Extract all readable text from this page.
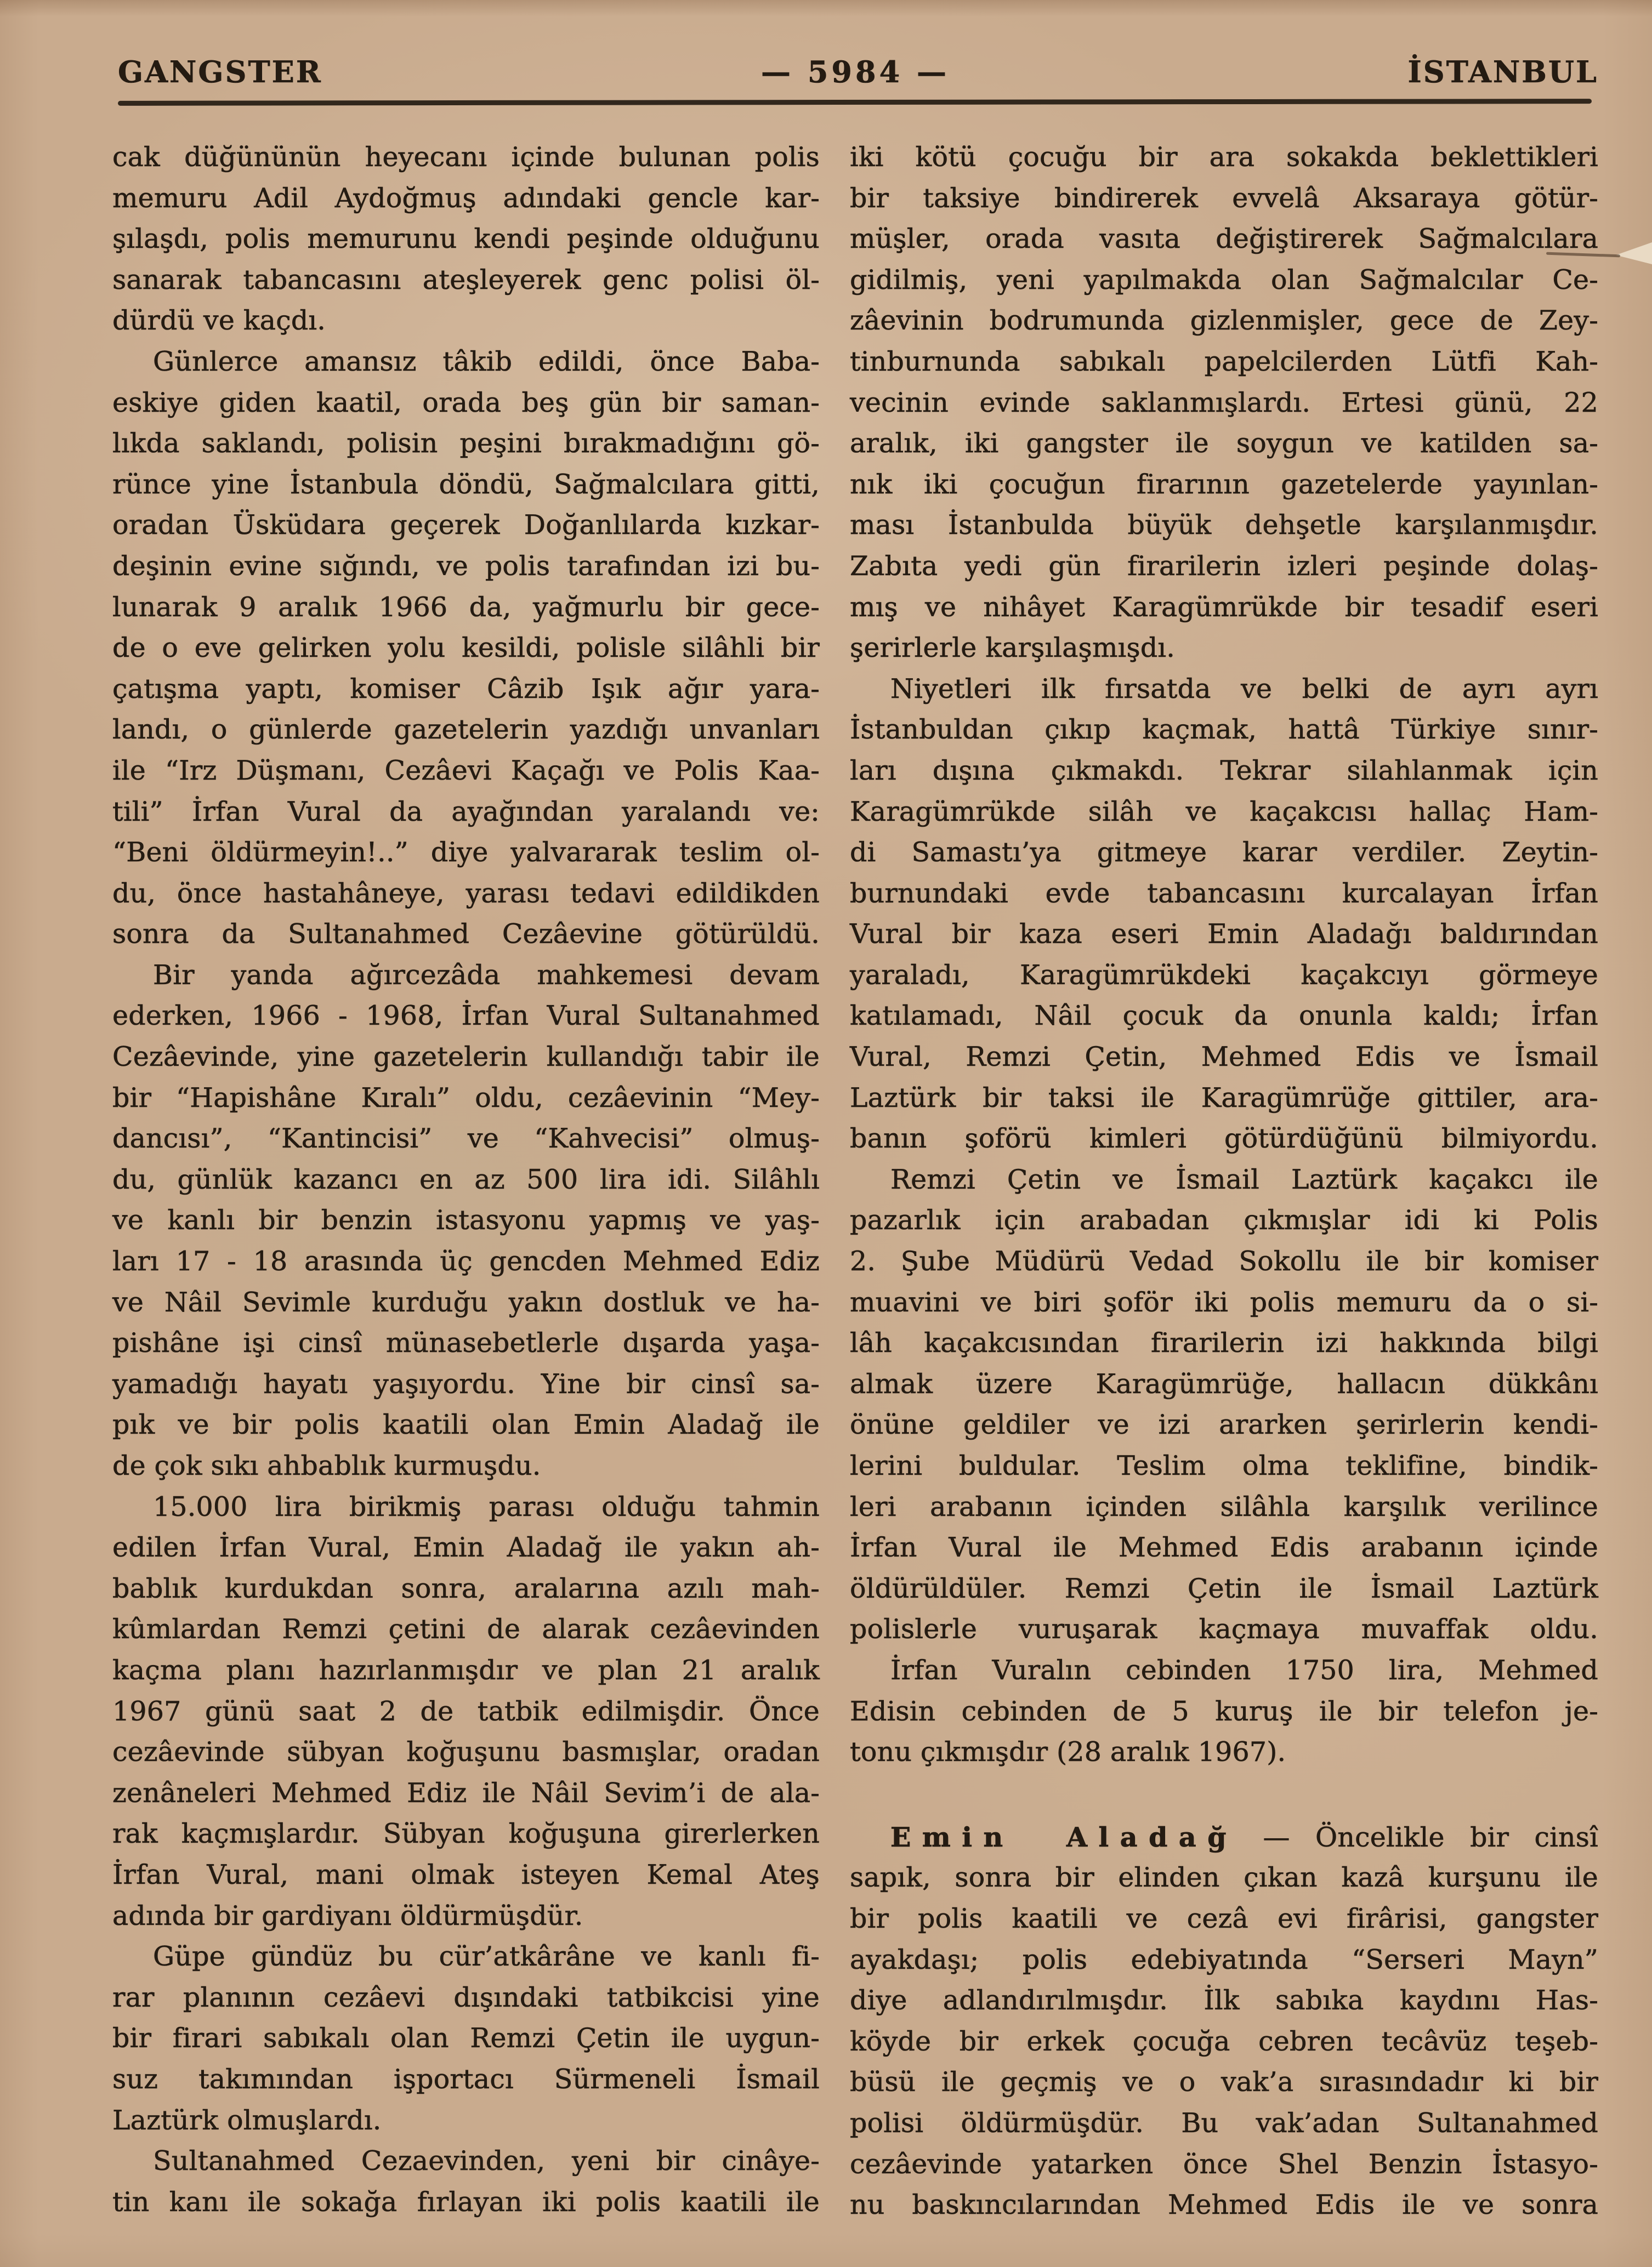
GANGSTER	— 5984 —	İSTANBUL
cak düğününün heyecanı içinde bulunan polis
memuru Adil Aydoğmuş adındaki gencle kar-
şılaşdı, polis memurunu kendi peşinde olduğunu
sanarak tabancasını ateşleyerek genc polisi öl-
dürdü ve kaçdı.
Günlerce amansız tâkib edildi, önce Baba-
eskiye giden kaatil, orada beş gün bir saman-
lıkda saklandı, polisin peşini bırakmadığını gö-
rünce yine İstanbula döndü, Sağmalcılara gitti,
oradan Üsküdara geçerek Doğanlılarda kızkar-
deşinin evine sığındı, ve polis tarafından izi bu-
lunarak 9 aralık 1966 da, yağmurlu bir gece-
de o eve gelirken yolu kesildi, polisle silâhli bir
çatışma yaptı, komiser Câzib Işık ağır yara-
landı, o günlerde gazetelerin yazdığı unvanları
ile “Irz Düşmanı, Cezâevi Kaçağı ve Polis Kaa-
tili” İrfan Vural da ayağından yaralandı ve:
“Beni öldürmeyin!..” diye yalvararak teslim ol-
du, önce hastahâneye, yarası tedavi edildikden
sonra da Sultanahmed Cezâevine götürüldü.
Bir yanda ağırcezâda mahkemesi devam
ederken, 1966 - 1968, İrfan Vural Sultanahmed
Cezâevinde, yine gazetelerin kullandığı tabir ile
bir “Hapishâne Kıralı” oldu, cezâevinin “Mey-
dancısı”, “Kantincisi” ve “Kahvecisi” olmuş-
du, günlük kazancı en az 500 lira idi. Silâhlı
ve kanlı bir benzin istasyonu yapmış ve yaş-
ları 17 - 18 arasında üç gencden Mehmed Ediz
ve Nâil Sevimle kurduğu yakın dostluk ve ha-
pishâne işi cinsî münasebetlerle dışarda yaşa-
yamadığı hayatı yaşıyordu. Yine bir cinsî sa-
pık ve bir polis kaatili olan Emin Aladağ ile
de çok sıkı ahbablık kurmuşdu.
15.000 lira birikmiş parası olduğu tahmin
edilen İrfan Vural, Emin Aladağ ile yakın ah-
bablık kurdukdan sonra, aralarına azılı mah-
kûmlardan Remzi çetini de alarak cezâevinden
kaçma planı hazırlanmışdır ve plan 21 aralık
1967 günü saat 2 de tatbik edilmişdir. Önce
cezâevinde sübyan koğuşunu basmışlar, oradan
zenâneleri Mehmed Ediz ile Nâil Sevim’i de ala-
rak kaçmışlardır. Sübyan koğuşuna girerlerken
İrfan Vural, mani olmak isteyen Kemal Ateş
adında bir gardiyanı öldürmüşdür.
Güpe gündüz bu cür’atkârâne ve kanlı fi-
rar planının cezâevi dışındaki tatbikcisi yine
bir firari sabıkalı olan Remzi Çetin ile uygun-
suz takımından işportacı Sürmeneli İsmail
Laztürk olmuşlardı.
Sultanahmed Cezaevinden, yeni bir cinâye-
tin kanı ile sokağa fırlayan iki polis kaatili ile
iki kötü çocuğu bir ara sokakda beklettikleri
bir taksiye bindirerek evvelâ Aksaraya götür-
müşler, orada vasıta değiştirerek Sağmalcılara
gidilmiş, yeni yapılmakda olan Sağmalcılar Ce-
zâevinin bodrumunda gizlenmişler, gece de Zey-
tinburnunda sabıkalı papelcilerden Lütfi Kah-
vecinin evinde saklanmışlardı. Ertesi günü, 22
aralık, iki gangster ile soygun ve katilden sa-
nık iki çocuğun firarının gazetelerde yayınlan-
ması İstanbulda büyük dehşetle karşılanmışdır.
Zabıta yedi gün firarilerin izleri peşinde dolaş-
mış ve nihâyet Karagümrükde bir tesadif eseri
şerirlerle karşılaşmışdı.
Niyetleri ilk fırsatda ve belki de ayrı ayrı
İstanbuldan çıkıp kaçmak, hattâ Türkiye sınır-
ları dışına çıkmakdı. Tekrar silahlanmak için
Karagümrükde silâh ve kaçakcısı hallaç Ham-
di Samastı’ya gitmeye karar verdiler. Zeytin-
burnundaki evde tabancasını kurcalayan İrfan
Vural bir kaza eseri Emin Aladağı baldırından
yaraladı, Karagümrükdeki kaçakcıyı görmeye
katılamadı, Nâil çocuk da onunla kaldı; İrfan
Vural, Remzi Çetin, Mehmed Edis ve İsmail
Laztürk bir taksi ile Karagümrüğe gittiler, ara-
banın şoförü kimleri götürdüğünü bilmiyordu.
Remzi Çetin ve İsmail Laztürk kaçakcı ile
pazarlık için arabadan çıkmışlar idi ki Polis
2. Şube Müdürü Vedad Sokollu ile bir komiser
muavini ve biri şoför iki polis memuru da o si-
lâh kaçakcısından firarilerin izi hakkında bilgi
almak üzere Karagümrüğe, hallacın dükkânı
önüne geldiler ve izi ararken şerirlerin kendi-
lerini buldular. Teslim olma teklifine, bindik-
leri arabanın içinden silâhla karşılık verilince
İrfan Vural ile Mehmed Edis arabanın içinde
öldürüldüler. Remzi Çetin ile İsmail Laztürk
polislerle vuruşarak kaçmaya muvaffak oldu.
İrfan Vuralın cebinden 1750 lira, Mehmed
Edisin cebinden de 5 kuruş ile bir telefon je-
tonu çıkmışdır (28 aralık 1967).
Emin Aladağ — Öncelikle bir cinsî
sapık, sonra bir elinden çıkan kazâ kurşunu ile
bir polis kaatili ve cezâ evi firârisi, gangster
ayakdaşı; polis edebiyatında “Serseri Mayn”
diye adlandırılmışdır. İlk sabıka kaydını Has-
köyde bir erkek çocuğa cebren tecâvüz teşeb-
büsü ile geçmiş ve o vak’a sırasındadır ki bir
polisi öldürmüşdür. Bu vak’adan Sultanahmed
cezâevinde yatarken önce Shel Benzin İstasyo-
nu baskıncılarından Mehmed Edis ile ve sonra
